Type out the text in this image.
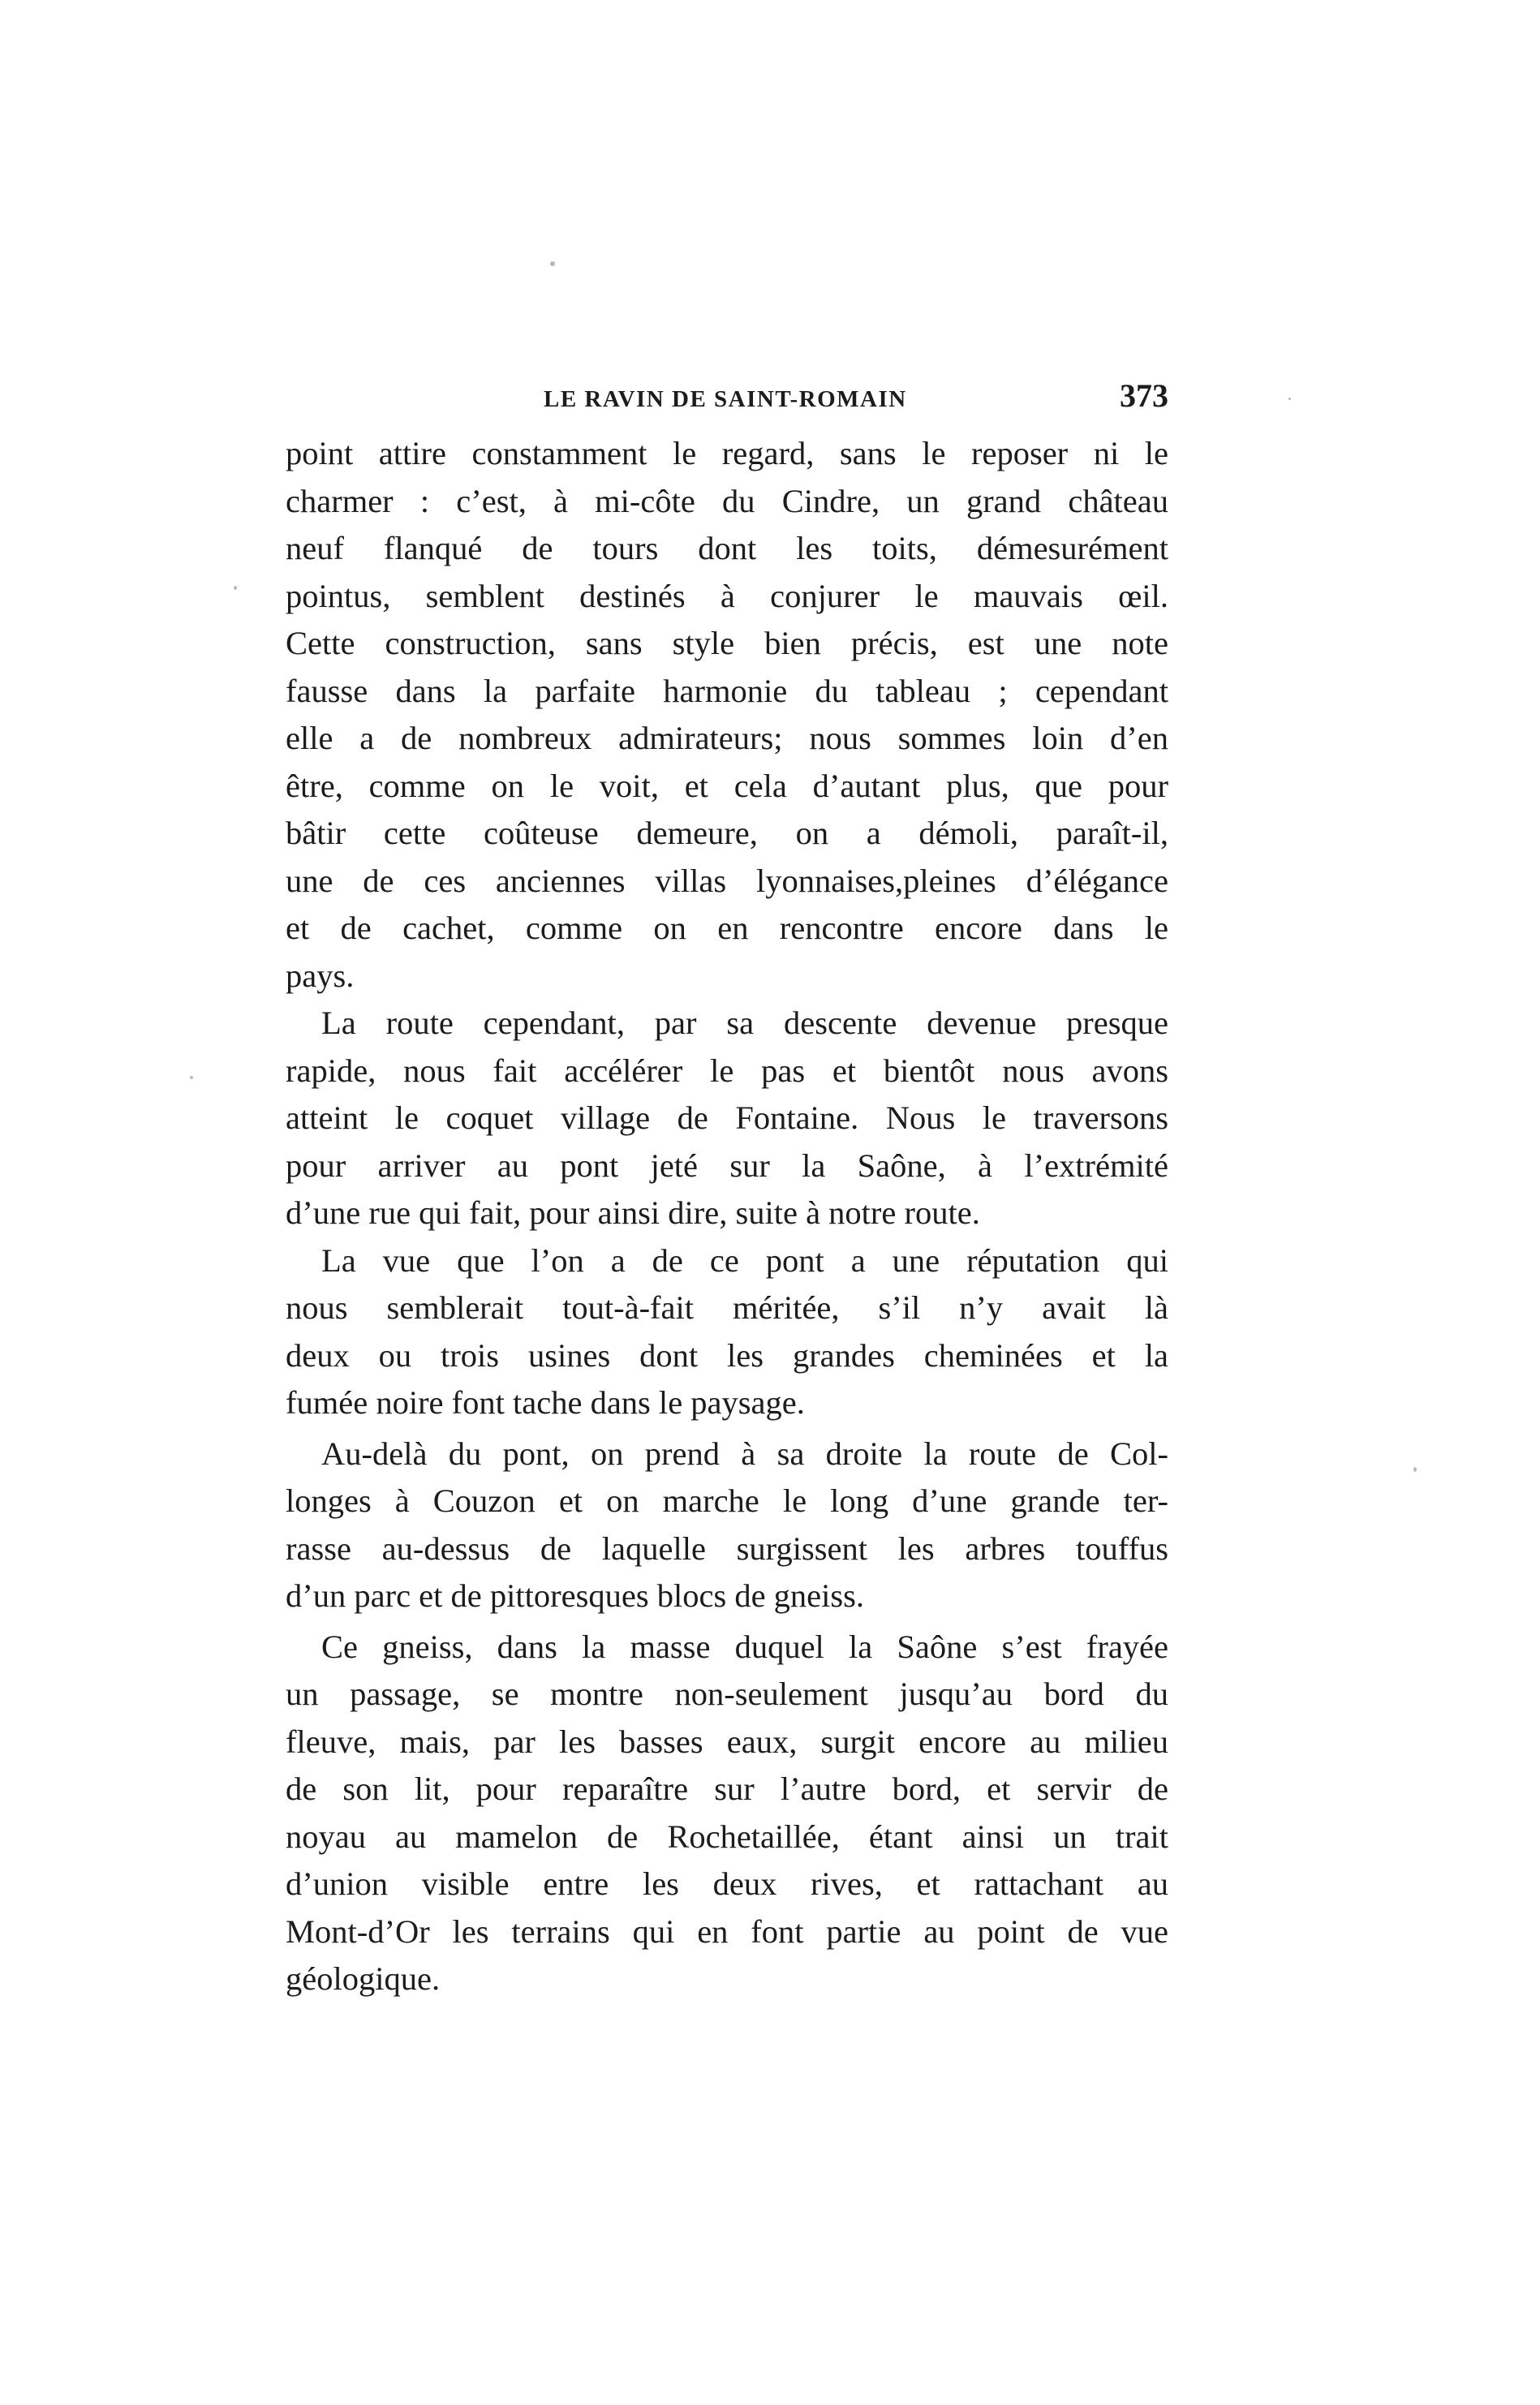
LE RAVIN DE SAINT-ROMAIN	373
point attire constamment le regard, sans le reposer ni le
charmer : c’est, à mi-côte du Cindre, un grand château
neuf flanqué de tours dont les toits, démesurément
pointus, semblent destinés à conjurer le mauvais œil.
Cette construction, sans style bien précis, est une note
fausse dans la parfaite harmonie du tableau ; cependant
elle a de nombreux admirateurs; nous sommes loin d’en
être, comme on le voit, et cela d’autant plus, que pour
bâtir cette coûteuse demeure, on a démoli, paraît-il,
une de ces anciennes villas lyonnaises,pleines d’élégance
et de cachet, comme on en rencontre encore dans le
pays.
La route cependant, par sa descente devenue presque
rapide, nous fait accélérer le pas et bientôt nous avons
atteint le coquet village de Fontaine. Nous le traversons
pour arriver au pont jeté sur la Saône, à l’extrémité
d’une rue qui fait, pour ainsi dire, suite à notre route.
La vue que l’on a de ce pont a une réputation qui
nous semblerait tout-à-fait méritée, s’il n’y avait là
deux ou trois usines dont les grandes cheminées et la
fumée noire font tache dans le paysage.
Au-delà du pont, on prend à sa droite la route de Col-
longes à Couzon et on marche le long d’une grande ter-
rasse au-dessus de laquelle surgissent les arbres touffus
d’un parc et de pittoresques blocs de gneiss.
Ce gneiss, dans la masse duquel la Saône s’est frayée
un passage, se montre non-seulement jusqu’au bord du
fleuve, mais, par les basses eaux, surgit encore au milieu
de son lit, pour reparaître sur l’autre bord, et servir de
noyau au mamelon de Rochetaillée, étant ainsi un trait
d’union visible entre les deux rives, et rattachant au
Mont-d’Or les terrains qui en font partie au point de vue
géologique.
